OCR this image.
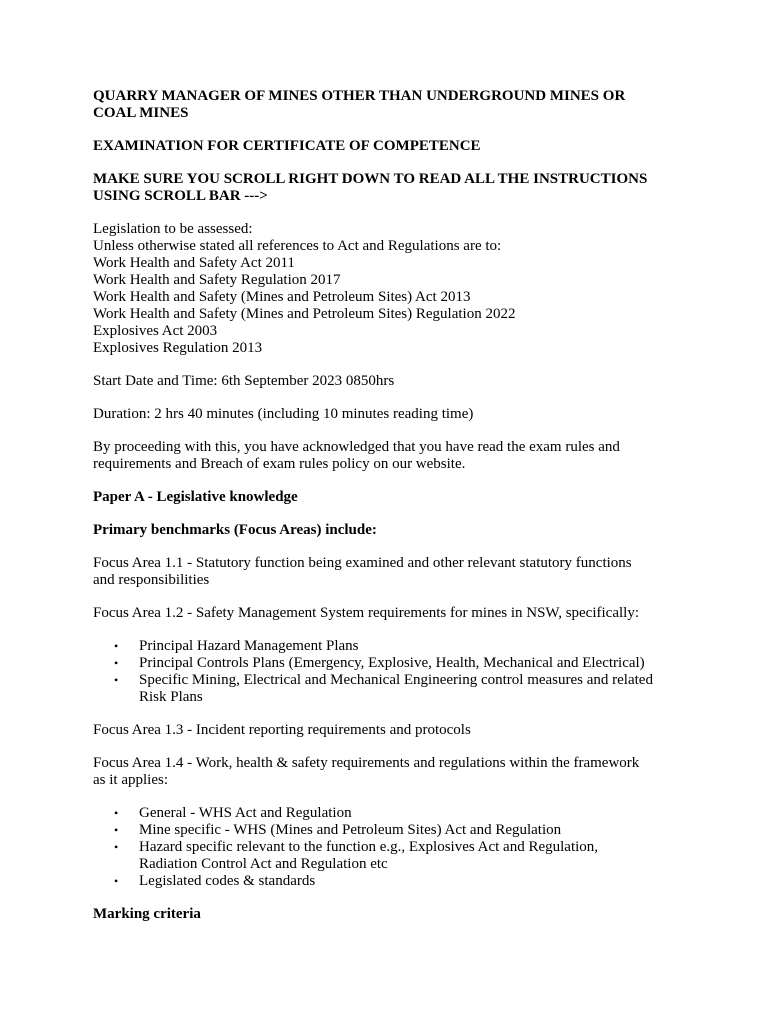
QUARRY MANAGER OF MINES OTHER THAN UNDERGROUND MINES OR
COAL MINES

EXAMINATION FOR CERTIFICATE OF COMPETENCE

MAKE SURE YOU SCROLL RIGHT DOWN TO READ ALL THE INSTRUCTIONS
USING SCROLL BAR --->

Legislation to be assessed:
Unless otherwise stated all references to Act and Regulations are to:
Work Health and Safety Act 2011
Work Health and Safety Regulation 2017
Work Health and Safety (Mines and Petroleum Sites) Act 2013
Work Health and Safety (Mines and Petroleum Sites) Regulation 2022
Explosives Act 2003
Explosives Regulation 2013

Start Date and Time: 6th September 2023 0850hrs

Duration: 2 hrs 40 minutes (including 10 minutes reading time)

By proceeding with this, you have acknowledged that you have read the exam rules and
requirements and Breach of exam rules policy on our website.

Paper A - Legislative knowledge

Primary benchmarks (Focus Areas) include:

Focus Area 1.1 - Statutory function being examined and other relevant statutory functions
and responsibilities

Focus Area 1.2 - Safety Management System requirements for mines in NSW, specifically:

• Principal Hazard Management Plans
• Principal Controls Plans (Emergency, Explosive, Health, Mechanical and Electrical)
• Specific Mining, Electrical and Mechanical Engineering control measures and related
Risk Plans

Focus Area 1.3 - Incident reporting requirements and protocols

Focus Area 1.4 - Work, health & safety requirements and regulations within the framework
as it applies:

• General - WHS Act and Regulation
• Mine specific - WHS (Mines and Petroleum Sites) Act and Regulation
• Hazard specific relevant to the function e.g., Explosives Act and Regulation,
Radiation Control Act and Regulation etc
• Legislated codes & standards

Marking criteria
